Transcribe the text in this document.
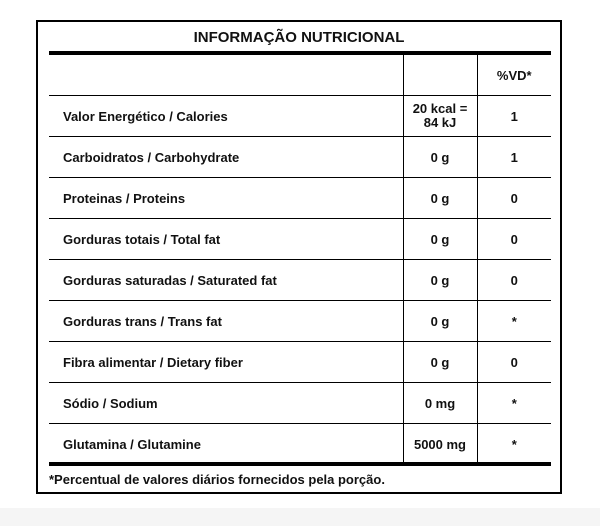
INFORMAÇÃO NUTRICIONAL
		%VD*
Valor Energético / Calories	20 kcal =
84 kJ	1
Carboidratos / Carbohydrate	0 g	1
Proteinas / Proteins	0 g	0
Gorduras totais / Total fat	0 g	0
Gorduras saturadas / Saturated fat	0 g	0
Gorduras trans / Trans fat	0 g	*
Fibra alimentar / Dietary fiber	0 g	0
Sódio / Sodium	0 mg	*
Glutamina / Glutamine	5000 mg	*
*Percentual de valores diários fornecidos pela porção.
